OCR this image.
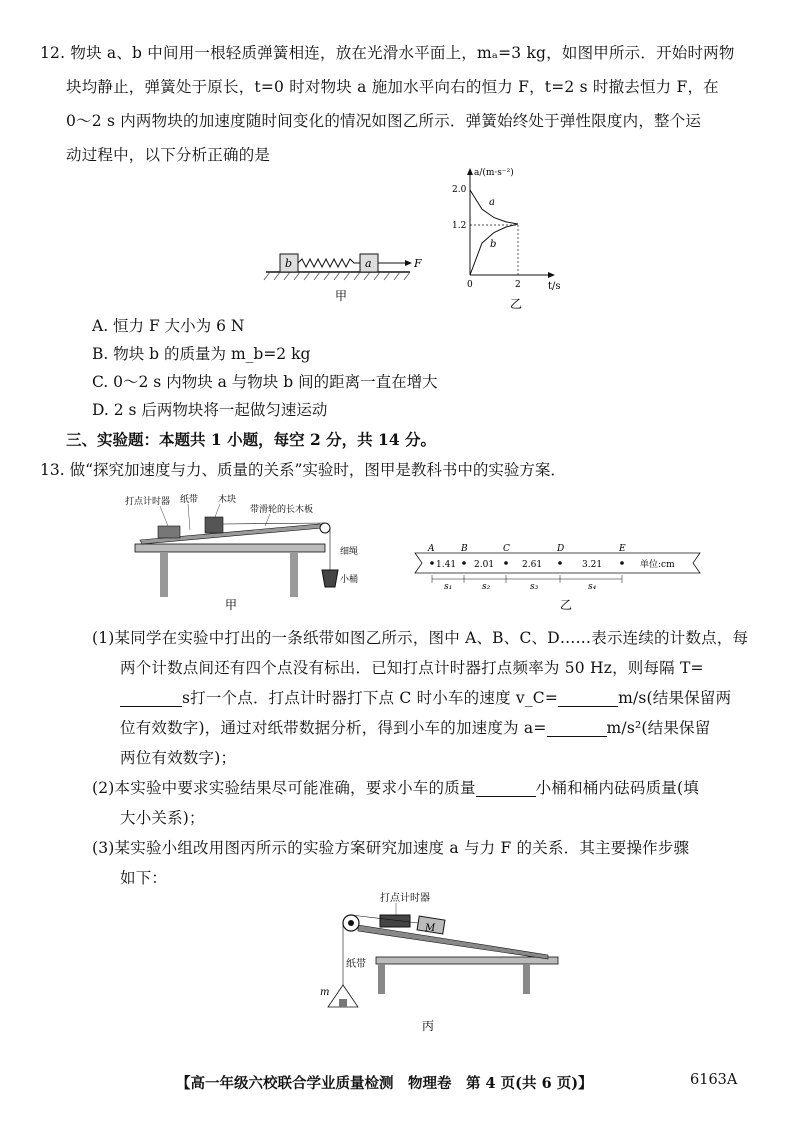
12. 物块 a、b 中间用一根轻质弹簧相连，放在光滑水平面上，mₐ=3 kg，如图甲所示．开始时两物
块均静止，弹簧处于原长，t=0 时对物块 a 施加水平向右的恒力 F，t=2 s 时撤去恒力 F，在
0～2 s 内两物块的加速度随时间变化的情况如图乙所示．弹簧始终处于弹性限度内，整个运
动过程中，以下分析正确的是
b	a	F
甲
a/(m·s⁻²)
t/s
2.0
1.2
0	2
a
b
乙
A. 恒力 F 大小为 6 N
B. 物块 b 的质量为 m_b=2 kg
C. 0～2 s 内物块 a 与物块 b 间的距离一直在增大
D. 2 s 后两物块将一起做匀速运动
三、实验题：本题共 1 小题，每空 2 分，共 14 分。
13. 做“探究加速度与力、质量的关系”实验时，图甲是教科书中的实验方案．
打点计时器 纸带 木块
带滑轮的长木板
细绳
小桶
甲
A	B	C	D	E
1.41 2.01	2.61	3.21	单位:cm
s₁	s₂	s₃	s₄
乙
(1)某同学在实验中打出的一条纸带如图乙所示，图中 A、B、C、D……表示连续的计数点，每
两个计数点间还有四个点没有标出．已知打点计时器打点频率为 50 Hz，则每隔 T=
s打一个点．打点计时器打下点 C 时小车的速度 v_C=	m/s(结果保留两
位有效数字)，通过对纸带数据分析，得到小车的加速度为 a=	m/s²(结果保留
两位有效数字)；
(2)本实验中要求实验结果尽可能准确，要求小车的质量	小桶和桶内砝码质量(填
大小关系)；
(3)某实验小组改用图丙所示的实验方案研究加速度 a 与力 F 的关系．其主要操作步骤
如下：
M
m
打点计时器
纸带
丙
【高一年级六校联合学业质量检测　物理卷　第 4 页(共 6 页)】	6163A
